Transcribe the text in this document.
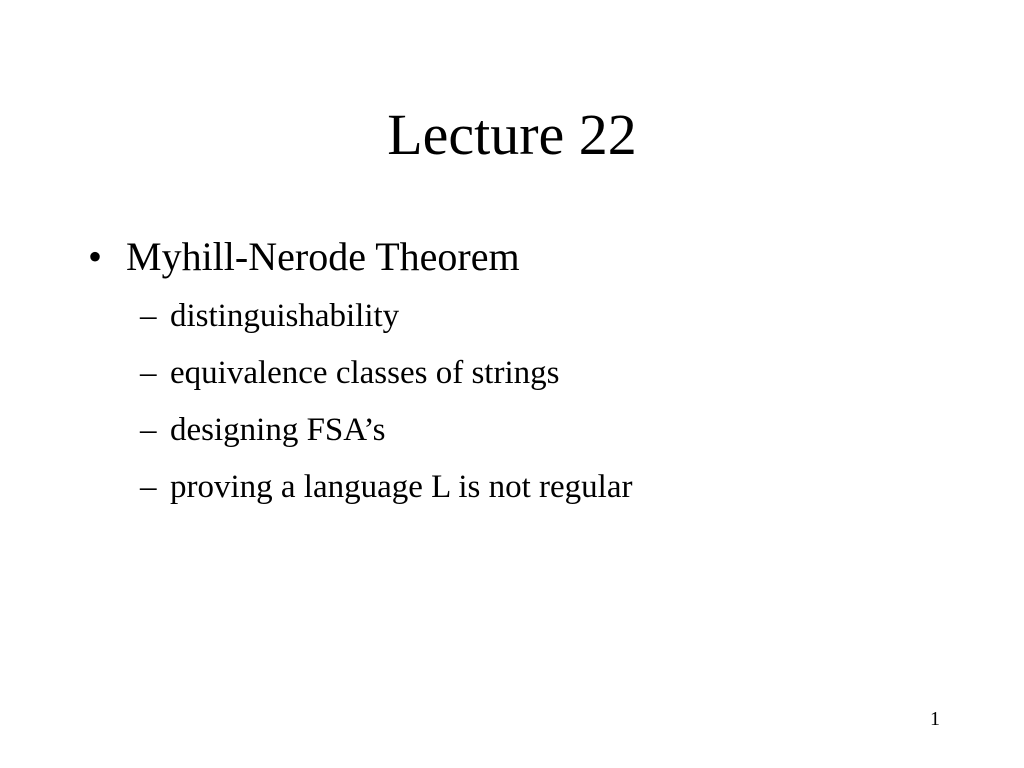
Lecture 22
• Myhill-Nerode Theorem
– distinguishability
– equivalence classes of strings
– designing FSA’s
– proving a language L is not regular
1
